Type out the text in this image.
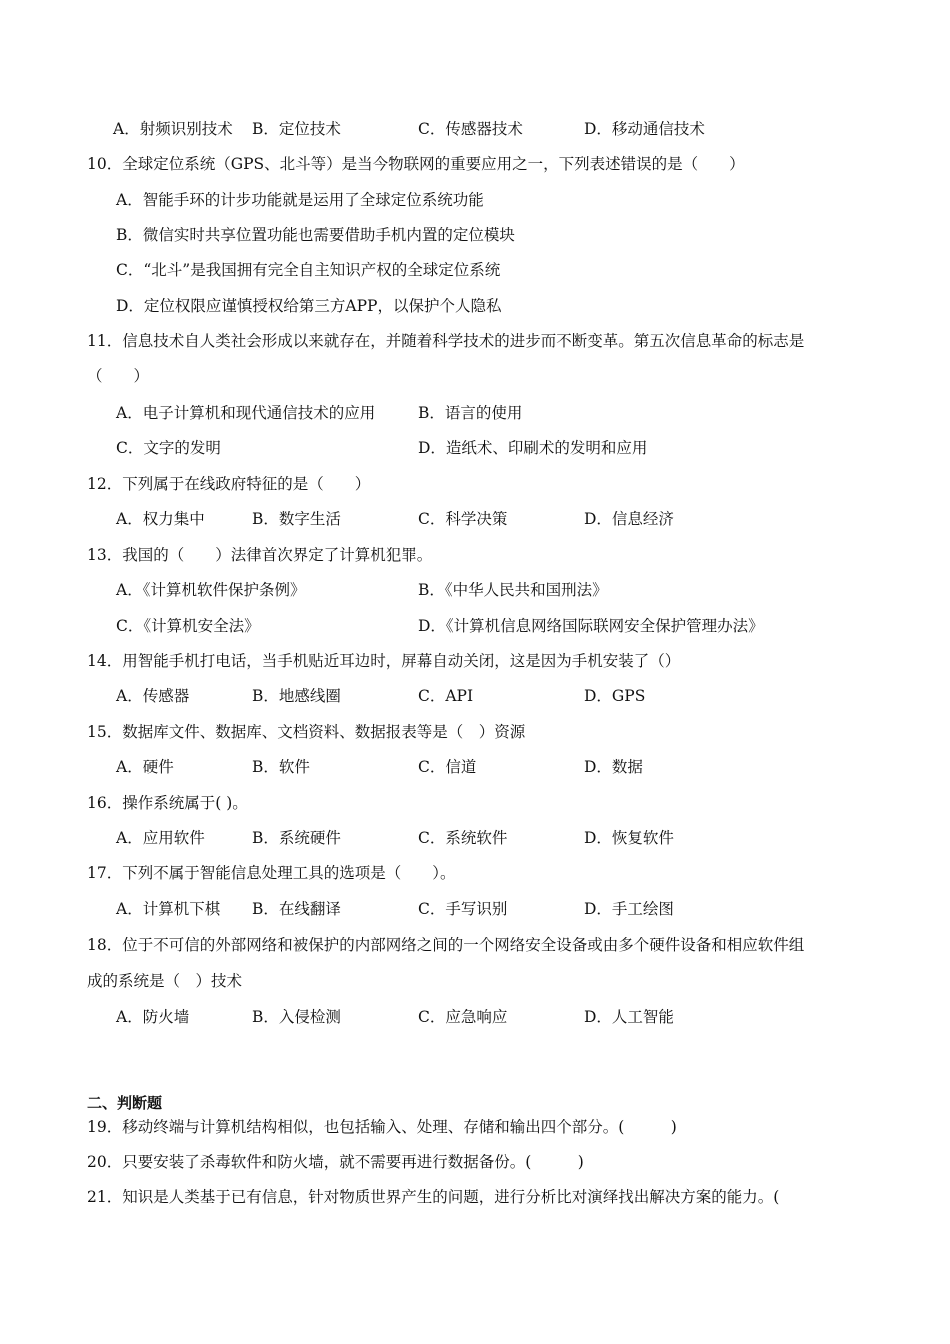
A．射频识别技术 B．定位技术	C．传感器技术	D．移动通信技术
10．全球定位系统（GPS、北斗等）是当今物联网的重要应用之一，下列表述错误的是（　　）
A．智能手环的计步功能就是运用了全球定位系统功能
B．微信实时共享位置功能也需要借助手机内置的定位模块
C．“北斗”是我国拥有完全自主知识产权的全球定位系统
D．定位权限应谨慎授权给第三方APP，以保护个人隐私
11．信息技术自人类社会形成以来就存在，并随着科学技术的进步而不断变革。第五次信息革命的标志是
（　　）
A．电子计算机和现代通信技术的应用	B．语言的使用
C．文字的发明	D．造纸术、印刷术的发明和应用
12．下列属于在线政府特征的是（　　）
A．权力集中	B．数字生活	C．科学决策	D．信息经济
13．我国的（　　）法律首次界定了计算机犯罪。
A．《计算机软件保护条例》	B．《中华人民共和国刑法》
C．《计算机安全法》	D．《计算机信息网络国际联网安全保护管理办法》
14．用智能手机打电话，当手机贴近耳边时，屏幕自动关闭，这是因为手机安装了（）
A．传感器	B．地感线圈	C．API	D．GPS
15．数据库文件、数据库、文档资料、数据报表等是（　）资源
A．硬件	B．软件	C．信道	D．数据
16．操作系统属于( )。
A．应用软件	B．系统硬件	C．系统软件	D．恢复软件
17．下列不属于智能信息处理工具的选项是（　　）。
A．计算机下棋 B．在线翻译	C．手写识别	D．手工绘图
18．位于不可信的外部网络和被保护的内部网络之间的一个网络安全设备或由多个硬件设备和相应软件组
成的系统是（　）技术
A．防火墙	B．入侵检测	C．应急响应	D．人工智能
二、判断题
19．移动终端与计算机结构相似，也包括输入、处理、存储和输出四个部分。(　　　)
20．只要安装了杀毒软件和防火墙，就不需要再进行数据备份。(　　　)
21．知识是人类基于已有信息，针对物质世界产生的问题，进行分析比对演绎找出解决方案的能力。(
